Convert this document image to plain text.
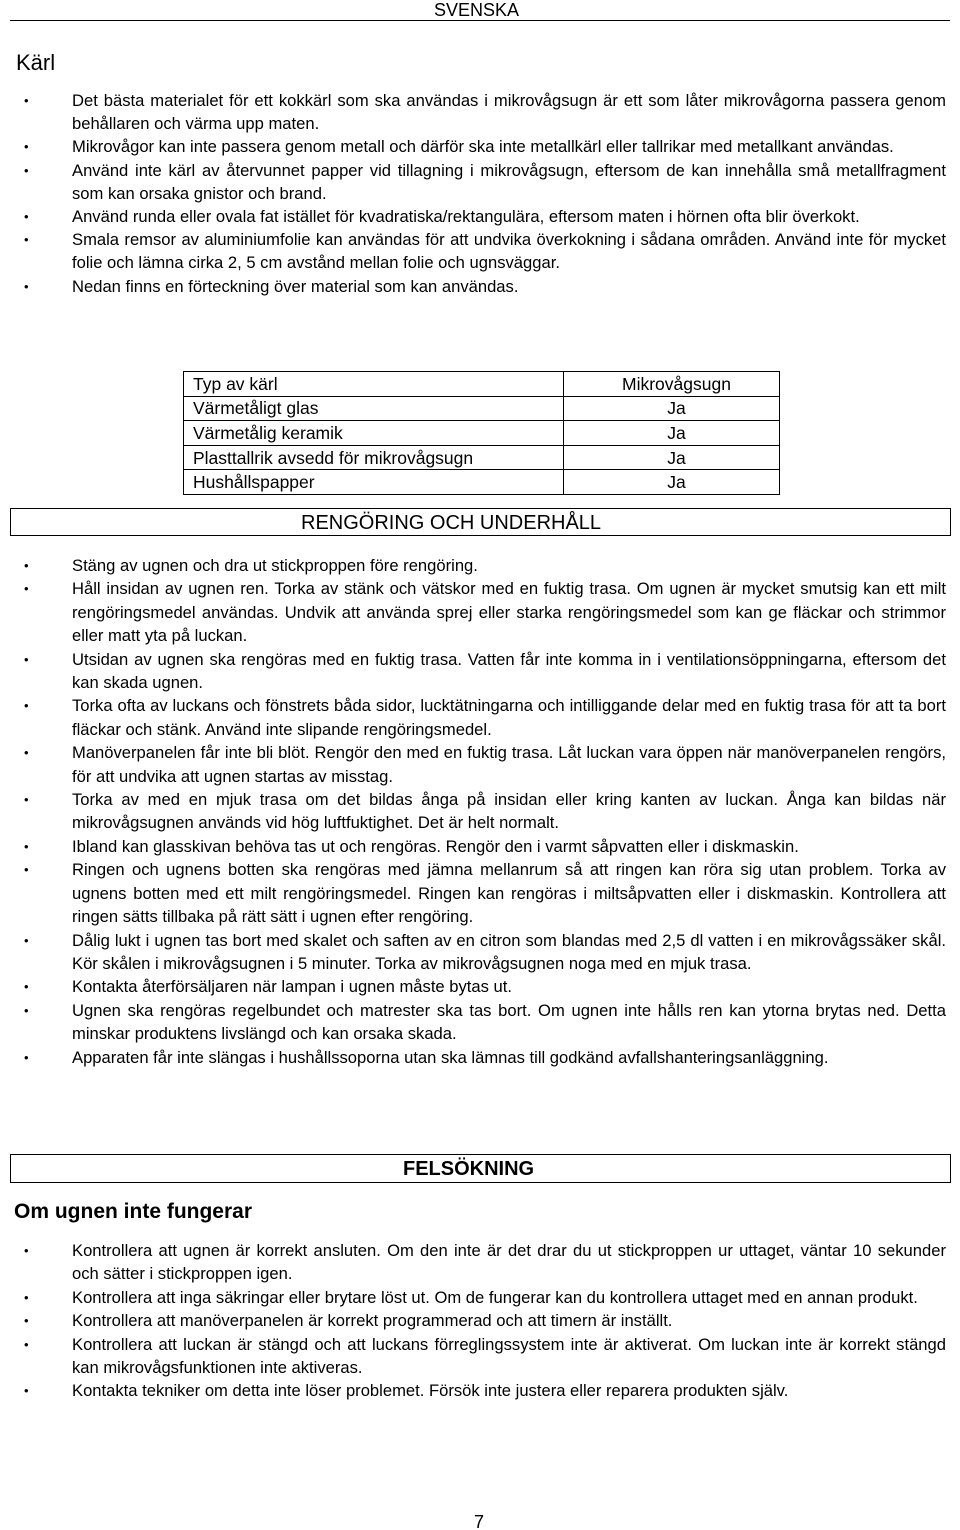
SVENSKA
Kärl
• Det bästa materialet för ett kokkärl som ska användas i mikrovågsugn är ett som låter mikrovågorna passera genom behållaren och värma upp maten.
• Mikrovågor kan inte passera genom metall och därför ska inte metallkärl eller tallrikar med metallkant användas.
• Använd inte kärl av återvunnet papper vid tillagning i mikrovågsugn, eftersom de kan innehålla små metallfragment som kan orsaka gnistor och brand.
• Använd runda eller ovala fat istället för kvadratiska/rektangulära, eftersom maten i hörnen ofta blir överkokt.
• Smala remsor av aluminiumfolie kan användas för att undvika överkokning i sådana områden. Använd inte för mycket folie och lämna cirka 2, 5 cm avstånd mellan folie och ugnsväggar.
• Nedan finns en förteckning över material som kan användas.
Typ av kärl	Mikrovågsugn
Värmetåligt glas	Ja
Värmetålig keramik	Ja
Plasttallrik avsedd för mikrovågsugn	Ja
Hushållspapper	Ja
RENGÖRING OCH UNDERHÅLL
• Stäng av ugnen och dra ut stickproppen före rengöring.
• Håll insidan av ugnen ren. Torka av stänk och vätskor med en fuktig trasa. Om ugnen är mycket smutsig kan ett milt rengöringsmedel användas. Undvik att använda sprej eller starka rengöringsmedel som kan ge fläckar och strimmor eller matt yta på luckan.
• Utsidan av ugnen ska rengöras med en fuktig trasa. Vatten får inte komma in i ventilationsöppningarna, eftersom det kan skada ugnen.
• Torka ofta av luckans och fönstrets båda sidor, lucktätningarna och intilliggande delar med en fuktig trasa för att ta bort fläckar och stänk. Använd inte slipande rengöringsmedel.
• Manöverpanelen får inte bli blöt. Rengör den med en fuktig trasa. Låt luckan vara öppen när manöverpanelen rengörs, för att undvika att ugnen startas av misstag.
• Torka av med en mjuk trasa om det bildas ånga på insidan eller kring kanten av luckan. Ånga kan bildas när mikrovågsugnen används vid hög luftfuktighet. Det är helt normalt.
• Ibland kan glasskivan behöva tas ut och rengöras. Rengör den i varmt såpvatten eller i diskmaskin.
• Ringen och ugnens botten ska rengöras med jämna mellanrum så att ringen kan röra sig utan problem. Torka av ugnens botten med ett milt rengöringsmedel. Ringen kan rengöras i miltsåpvatten eller i diskmaskin. Kontrollera att ringen sätts tillbaka på rätt sätt i ugnen efter rengöring.
• Dålig lukt i ugnen tas bort med skalet och saften av en citron som blandas med 2,5 dl vatten i en mikrovågssäker skål. Kör skålen i mikrovågsugnen i 5 minuter. Torka av mikrovågsugnen noga med en mjuk trasa.
• Kontakta återförsäljaren när lampan i ugnen måste bytas ut.
• Ugnen ska rengöras regelbundet och matrester ska tas bort. Om ugnen inte hålls ren kan ytorna brytas ned. Detta minskar produktens livslängd och kan orsaka skada.
• Apparaten får inte slängas i hushållssoporna utan ska lämnas till godkänd avfallshanteringsanläggning.
FELSÖKNING
Om ugnen inte fungerar
• Kontrollera att ugnen är korrekt ansluten. Om den inte är det drar du ut stickproppen ur uttaget, väntar 10 sekunder och sätter i stickproppen igen.
• Kontrollera att inga säkringar eller brytare löst ut. Om de fungerar kan du kontrollera uttaget med en annan produkt.
• Kontrollera att manöverpanelen är korrekt programmerad och att timern är inställt.
• Kontrollera att luckan är stängd och att luckans förreglingssystem inte är aktiverat. Om luckan inte är korrekt stängd kan mikrovågsfunktionen inte aktiveras.
• Kontakta tekniker om detta inte löser problemet. Försök inte justera eller reparera produkten själv.
7
